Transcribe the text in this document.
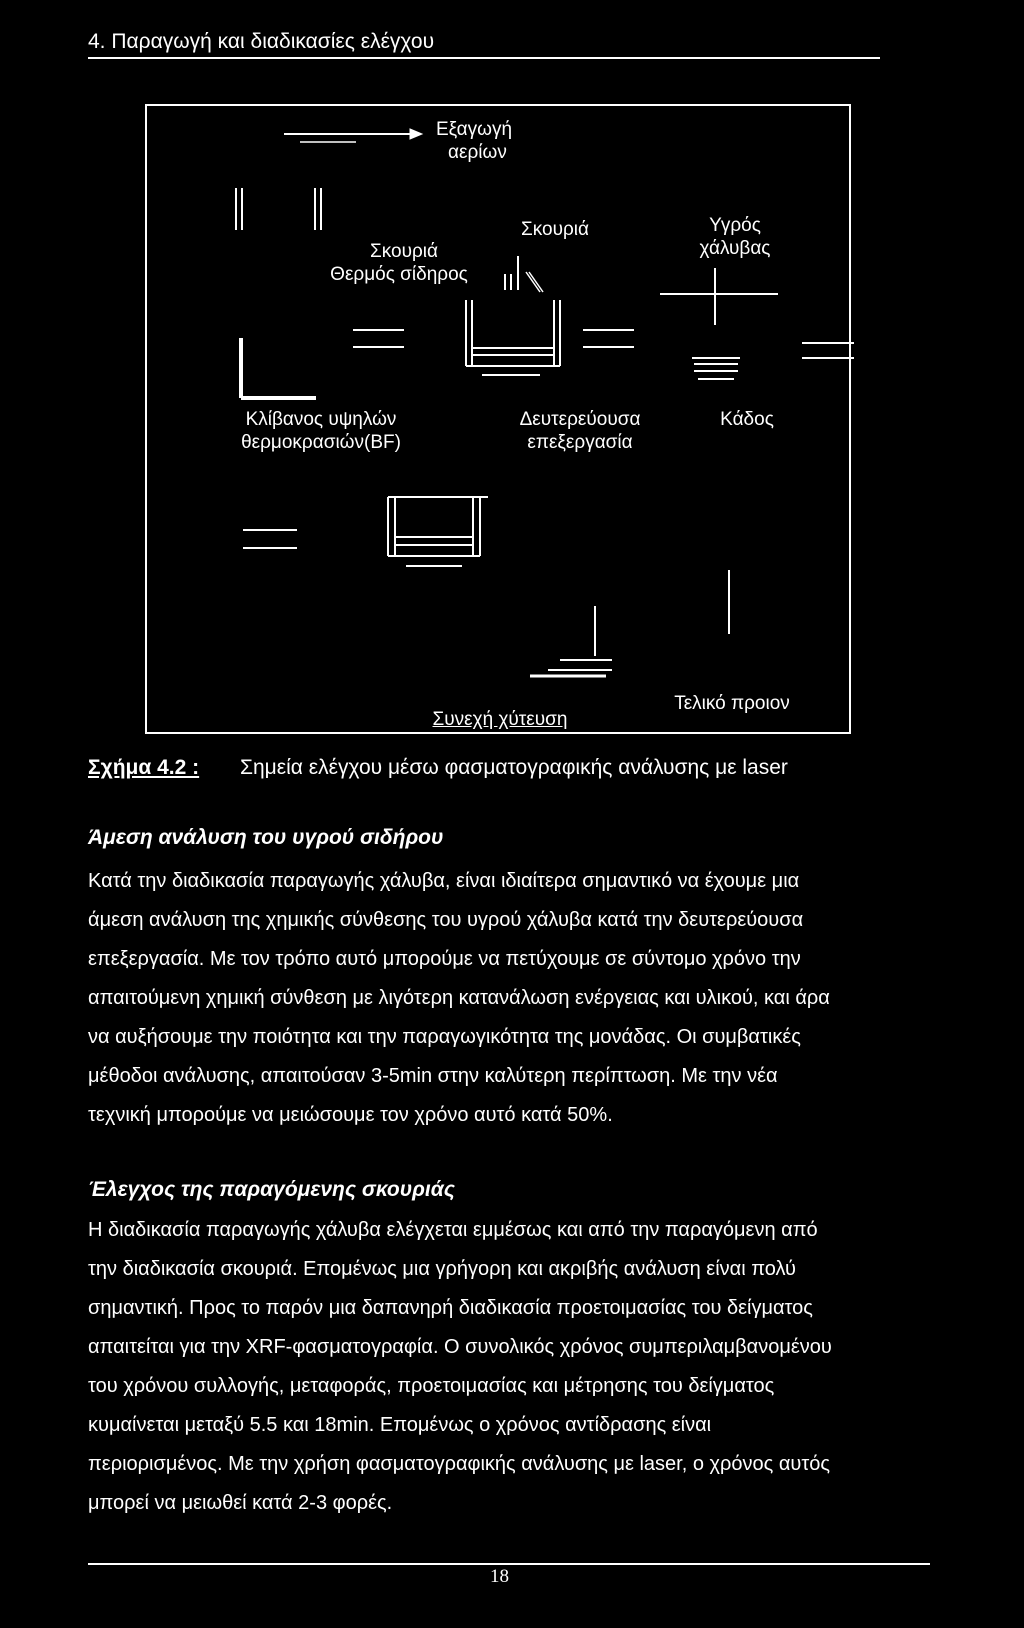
4. Παραγωγή και διαδικασίες ελέγχου
Εξαγωγή
αερίων
Σκουριά
Θερμός σίδηρος
Σκουριά	Υγρός
χάλυβας
Κλίβανος υψηλών
θερμοκρασιών(BF)
Δευτερεύουσα
επεξεργασία
Κάδος
Συνεχή χύτευση
Τελικό προιον
Σχήμα 4.2 : Σημεία ελέγχου μέσω φασματογραφικής ανάλυσης με laser
Άμεση ανάλυση του υγρού σιδήρου
Κατά την διαδικασία παραγωγής χάλυβα, είναι ιδιαίτερα σημαντικό να έχουμε μια
άμεση ανάλυση της χημικής σύνθεσης του υγρού χάλυβα κατά την δευτερεύουσα
επεξεργασία. Με τον τρόπο αυτό μπορούμε να πετύχουμε σε σύντομο χρόνο την
απαιτούμενη χημική σύνθεση με λιγότερη κατανάλωση ενέργειας και υλικού, και άρα
να αυξήσουμε την ποιότητα και την παραγωγικότητα της μονάδας. Οι συμβατικές
μέθοδοι ανάλυσης, απαιτούσαν 3-5min στην καλύτερη περίπτωση. Με την νέα
τεχνική μπορούμε να μειώσουμε τον χρόνο αυτό κατά 50%.
Έλεγχος της παραγόμενης σκουριάς
Η διαδικασία παραγωγής χάλυβα ελέγχεται εμμέσως και από την παραγόμενη από
την διαδικασία σκουριά. Επομένως μια γρήγορη και ακριβής ανάλυση είναι πολύ
σημαντική. Προς το παρόν μια δαπανηρή διαδικασία προετοιμασίας του δείγματος
απαιτείται για την XRF-φασματογραφία. Ο συνολικός χρόνος συμπεριλαμβανομένου
του χρόνου συλλογής, μεταφοράς, προετοιμασίας και μέτρησης του δείγματος
κυμαίνεται μεταξύ 5.5 και 18min. Επομένως ο χρόνος αντίδρασης είναι
περιορισμένος. Με την χρήση φασματογραφικής ανάλυσης με laser, ο χρόνος αυτός
μπορεί να μειωθεί κατά 2-3 φορές.
18
